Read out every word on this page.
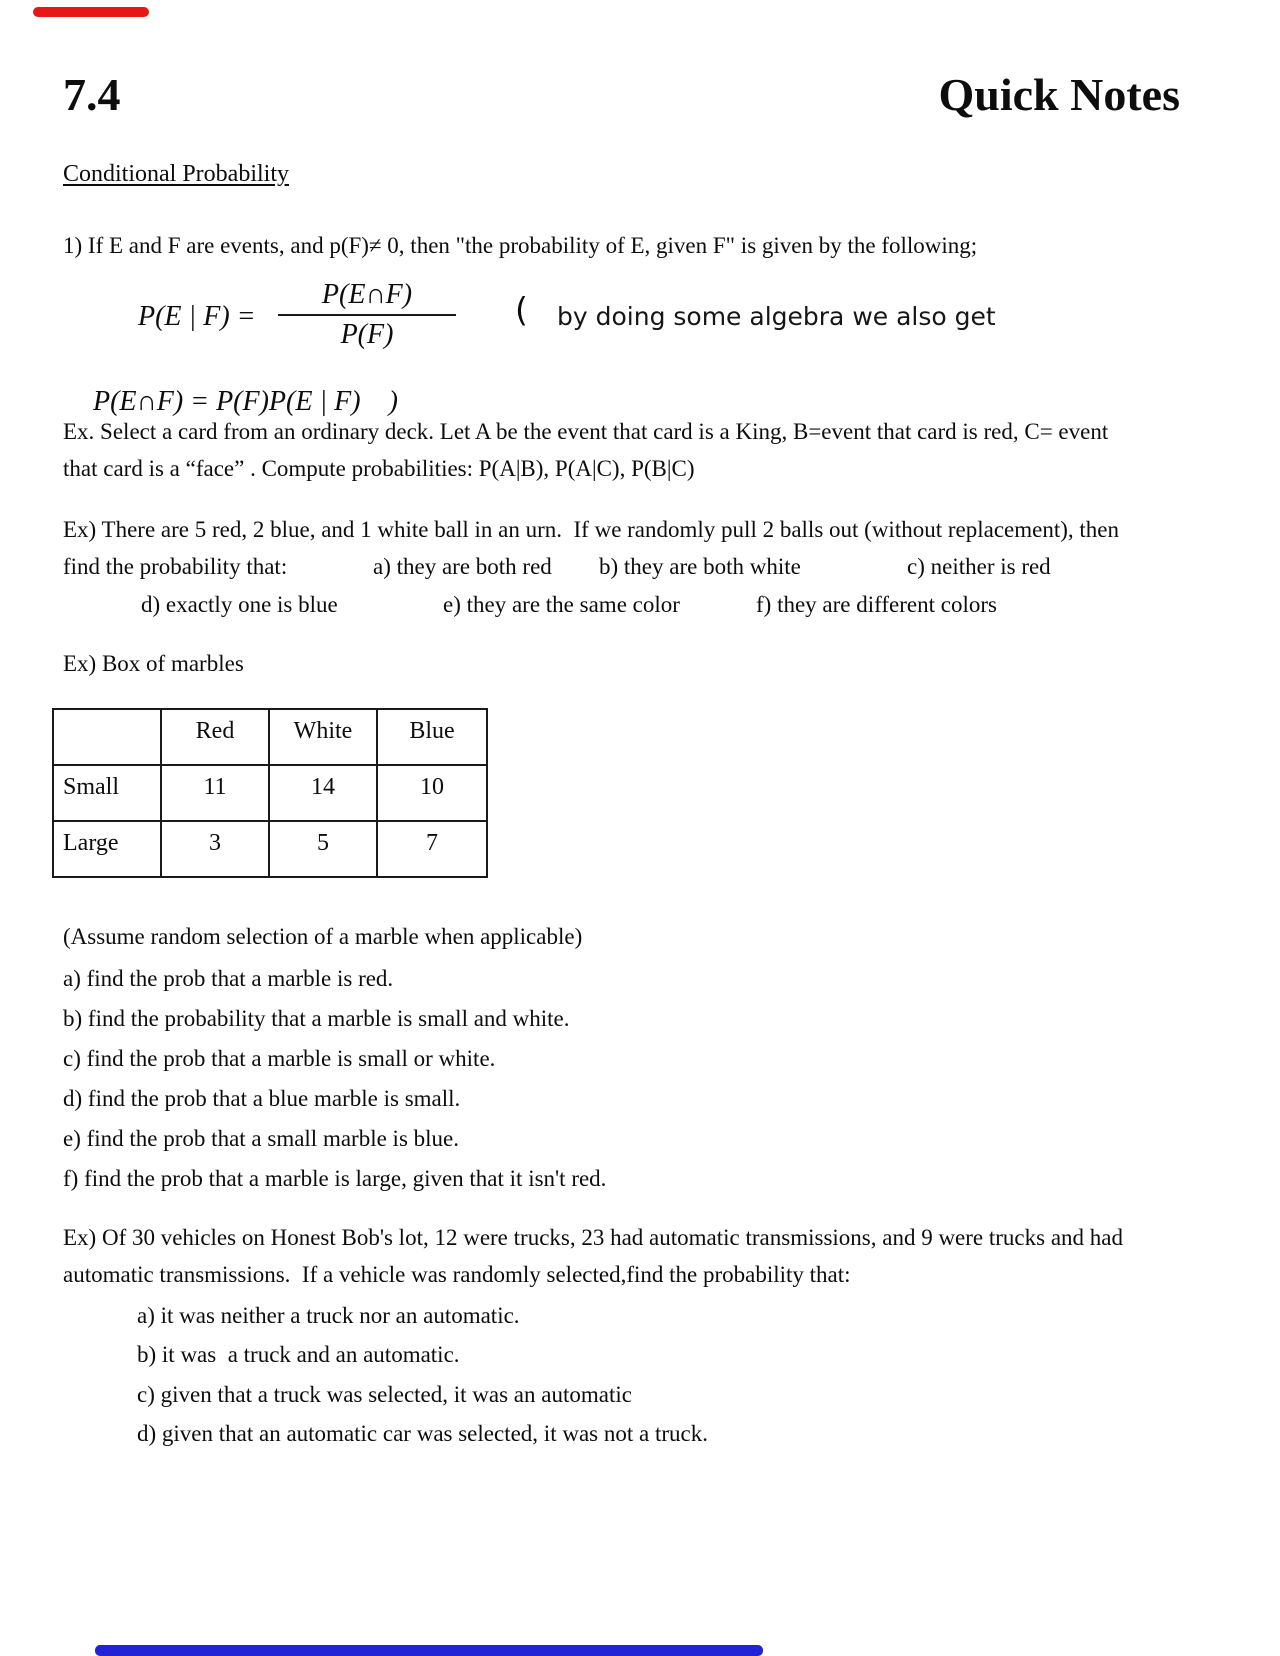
7.4	Quick Notes
Conditional Probability
1) If E and F are events, and p(F)≠ 0, then "the probability of E, given F" is given by the following;
P(E | F) =
P(E∩F)
P(F)
( by doing some algebra we also get

P(E∩F) = P(F)P(E | F) )

Ex. Select a card from an ordinary deck. Let A be the event that card is a King, B=event that card is red, C= event
that card is a “face” . Compute probabilities: P(A|B), P(A|C), P(B|C)
Ex) There are 5 red, 2 blue, and 1 white ball in an urn.  If we randomly pull 2 balls out (without replacement), then
find the probability that:	a) they are both red b) they are both white	c) neither is red
d) exactly one is blue	e) they are the same color	f) they are different colors
Ex) Box of marbles
	Red	White	Blue
Small	11	14	10
Large	3	5	7
(Assume random selection of a marble when applicable)
a) find the prob that a marble is red.
b) find the probability that a marble is small and white.
c) find the prob that a marble is small or white.
d) find the prob that a blue marble is small.
e) find the prob that a small marble is blue.
f) find the prob that a marble is large, given that it isn't red.
Ex) Of 30 vehicles on Honest Bob's lot, 12 were trucks, 23 had automatic transmissions, and 9 were trucks and had
automatic transmissions.  If a vehicle was randomly selected,find the probability that:
a) it was neither a truck nor an automatic.
b) it was  a truck and an automatic.
c) given that a truck was selected, it was an automatic
d) given that an automatic car was selected, it was not a truck.
